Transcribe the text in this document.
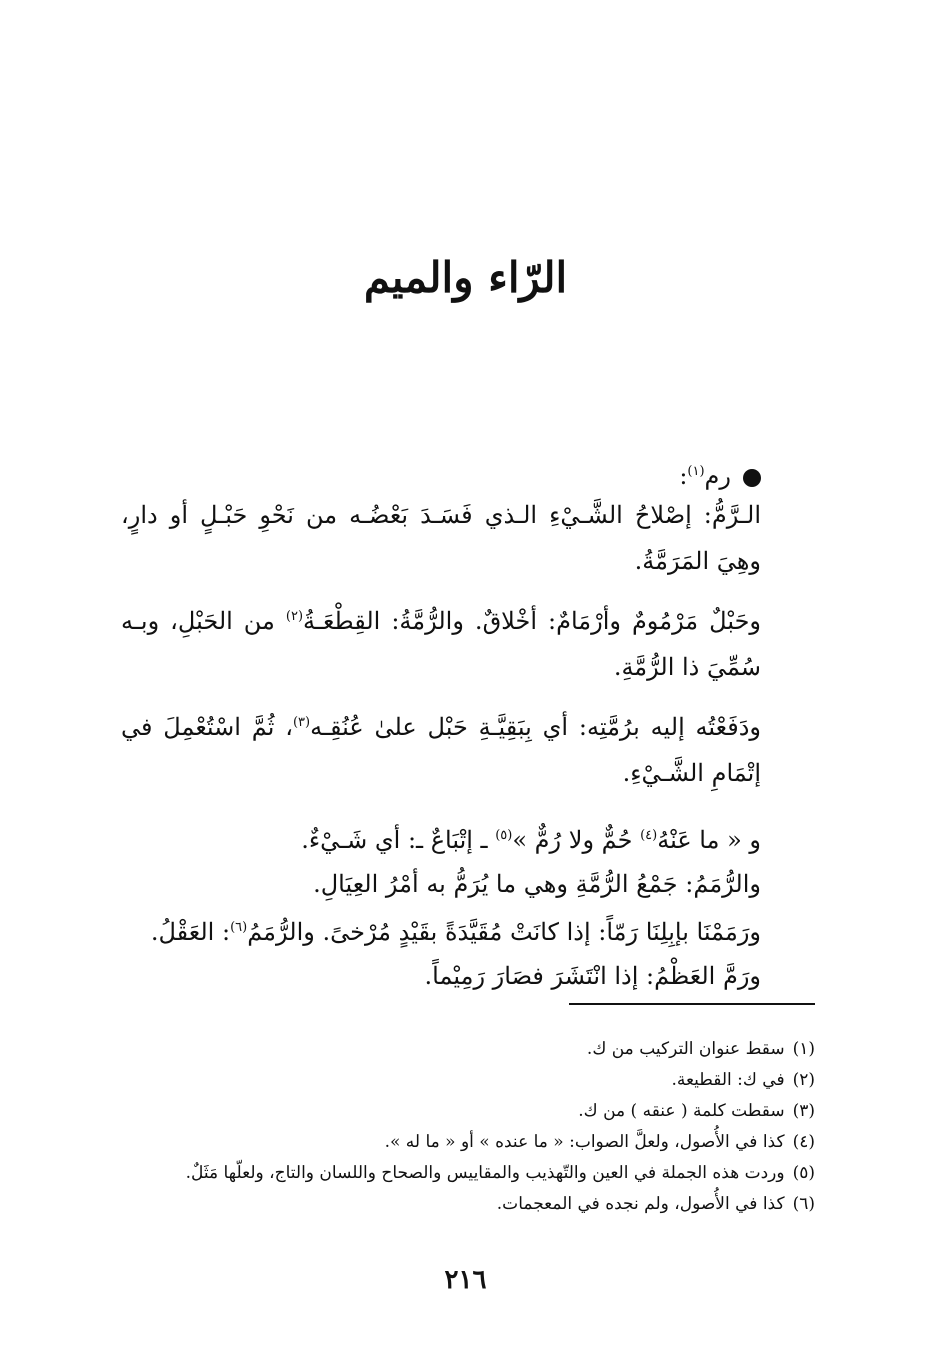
الرّاء والميم
رم$^{(١)}$:

الـرَّمُّ: إصْلاحُ الشَّـيْءِ الـذي فَسَـدَ بَعْضُـه من نَحْوِ حَبْـلٍ أو دارٍ، وهِيَ المَرَمَّةُ.

وحَبْلٌ مَرْمُومٌ وأرْمَامٌ: أخْلاقٌ. والرُّمَّةُ: القِطْعَـةُ$^{(٢)}$ من الحَبْلِ، وبـه سُمِّيَ ذا الرُّمَّةِ.

ودَفَعْتُه إليه برُمَّتِه: أي بِبَقِيَّـةِ حَبْل علىٰ عُنُقِـه$^{(٣)}$، ثُمَّ اسْتُعْمِلَ في إتْمَامِ الشَّـيْءِ.

و « ما عَنْهُ$^{(٤)}$ حُمٌّ ولا رُمٌّ »$^{(٥)}$ ـ إتْبَاعٌ ـ: أي شَـيْءٌ.

والرُّمَمُ: جَمْعُ الرُّمَّةِ وهي ما يُرَمُّ به أمْرُ العِيَالِ.

ورَمَمْنَا بإبِلِنَا رَمّاً: إذا كانَتْ مُقَيَّدَةً بقَيْدٍ مُرْخىً. والرُّمَمُ$^{(٦)}$: العَقْلُ.

ورَمَّ العَظْمُ: إذا انْتَشَرَ فصَارَ رَمِيْماً.

(١)سقط عنوان التركيب من ك.
(٢)في ك: القطيعة.
(٣)سقطت كلمة ( عنقه ) من ك.
(٤)كذا في الأُصول، ولعلَّ الصواب: « ما عنده » أو « ما له ».
(٥)وردت هذه الجملة في العين والتّهذيب والمقاييس والصحاح واللسان والتاج، ولعلّها مَثَلٌ.
(٦)كذا في الأُصول، ولم نجده في المعجمات.
٢١٦
